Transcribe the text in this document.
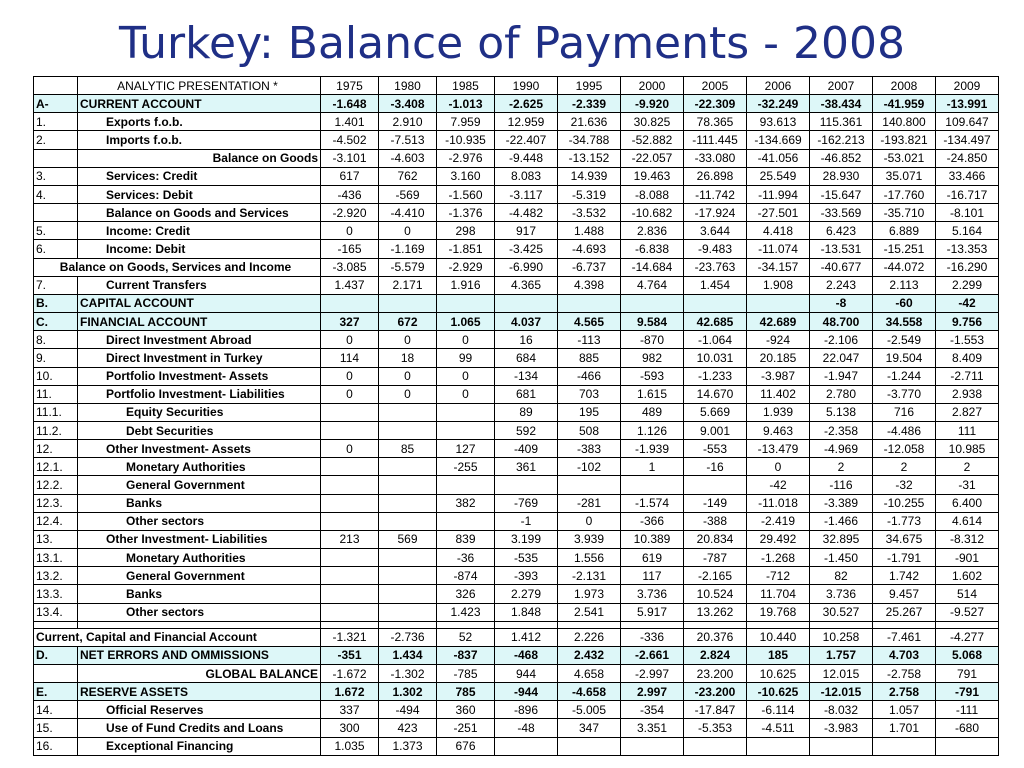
Turkey: Balance of Payments - 2008
	ANALYTIC PRESENTATION *	1975	1980	1985	1990	1995	2000	2005	2006	2007	2008	2009
A-	CURRENT ACCOUNT	-1.648	-3.408	-1.013	-2.625	-2.339	-9.920	-22.309	-32.249	-38.434	-41.959	-13.991
1.	Exports f.o.b.	1.401	2.910	7.959	12.959	21.636	30.825	78.365	93.613	115.361	140.800	109.647
2.	Imports f.o.b.	-4.502	-7.513	-10.935	-22.407	-34.788	-52.882	-111.445	-134.669	-162.213	-193.821	-134.497
	Balance on Goods	-3.101	-4.603	-2.976	-9.448	-13.152	-22.057	-33.080	-41.056	-46.852	-53.021	-24.850
3.	Services: Credit	617	762	3.160	8.083	14.939	19.463	26.898	25.549	28.930	35.071	33.466
4.	Services: Debit	-436	-569	-1.560	-3.117	-5.319	-8.088	-11.742	-11.994	-15.647	-17.760	-16.717
	Balance on Goods and Services	-2.920	-4.410	-1.376	-4.482	-3.532	-10.682	-17.924	-27.501	-33.569	-35.710	-8.101
5.	Income: Credit	0	0	298	917	1.488	2.836	3.644	4.418	6.423	6.889	5.164
6.	Income: Debit	-165	-1.169	-1.851	-3.425	-4.693	-6.838	-9.483	-11.074	-13.531	-15.251	-13.353
Balance on Goods, Services and Income		-3.085	-5.579	-2.929	-6.990	-6.737	-14.684	-23.763	-34.157	-40.677	-44.072	-16.290
7.	Current Transfers	1.437	2.171	1.916	4.365	4.398	4.764	1.454	1.908	2.243	2.113	2.299
B.	CAPITAL ACCOUNT									-8	-60	-42
C.	FINANCIAL ACCOUNT	327	672	1.065	4.037	4.565	9.584	42.685	42.689	48.700	34.558	9.756
8.	Direct Investment Abroad	0	0	0	16	-113	-870	-1.064	-924	-2.106	-2.549	-1.553
9.	Direct Investment in Turkey	114	18	99	684	885	982	10.031	20.185	22.047	19.504	8.409
10.	Portfolio Investment- Assets	0	0	0	-134	-466	-593	-1.233	-3.987	-1.947	-1.244	-2.711
11.	Portfolio Investment- Liabilities	0	0	0	681	703	1.615	14.670	11.402	2.780	-3.770	2.938
11.1.	Equity Securities				89	195	489	5.669	1.939	5.138	716	2.827
11.2.	Debt Securities				592	508	1.126	9.001	9.463	-2.358	-4.486	111
12.	Other Investment- Assets	0	85	127	-409	-383	-1.939	-553	-13.479	-4.969	-12.058	10.985
12.1.	Monetary Authorities			-255	361	-102	1	-16	0	2	2	2
12.2.	General Government								-42	-116	-32	-31
12.3.	Banks			382	-769	-281	-1.574	-149	-11.018	-3.389	-10.255	6.400
12.4.	Other sectors				-1	0	-366	-388	-2.419	-1.466	-1.773	4.614
13.	Other Investment- Liabilities	213	569	839	3.199	3.939	10.389	20.834	29.492	32.895	34.675	-8.312
13.1.	Monetary Authorities			-36	-535	1.556	619	-787	-1.268	-1.450	-1.791	-901
13.2.	General Government			-874	-393	-2.131	117	-2.165	-712	82	1.742	1.602
13.3.	Banks			326	2.279	1.973	3.736	10.524	11.704	3.736	9.457	514
13.4.	Other sectors			1.423	1.848	2.541	5.917	13.262	19.768	30.527	25.267	-9.527

Current, Capital and Financial Account		-1.321	-2.736	52	1.412	2.226	-336	20.376	10.440	10.258	-7.461	-4.277
D.	NET ERRORS AND OMMISSIONS	-351	1.434	-837	-468	2.432	-2.661	2.824	185	1.757	4.703	5.068
	GLOBAL BALANCE	-1.672	-1.302	-785	944	4.658	-2.997	23.200	10.625	12.015	-2.758	791
E.	RESERVE ASSETS	1.672	1.302	785	-944	-4.658	2.997	-23.200	-10.625	-12.015	2.758	-791
14.	Official Reserves	337	-494	360	-896	-5.005	-354	-17.847	-6.114	-8.032	1.057	-111
15.	Use of Fund Credits and Loans	300	423	-251	-48	347	3.351	-5.353	-4.511	-3.983	1.701	-680
16.	Exceptional Financing	1.035	1.373	676								
